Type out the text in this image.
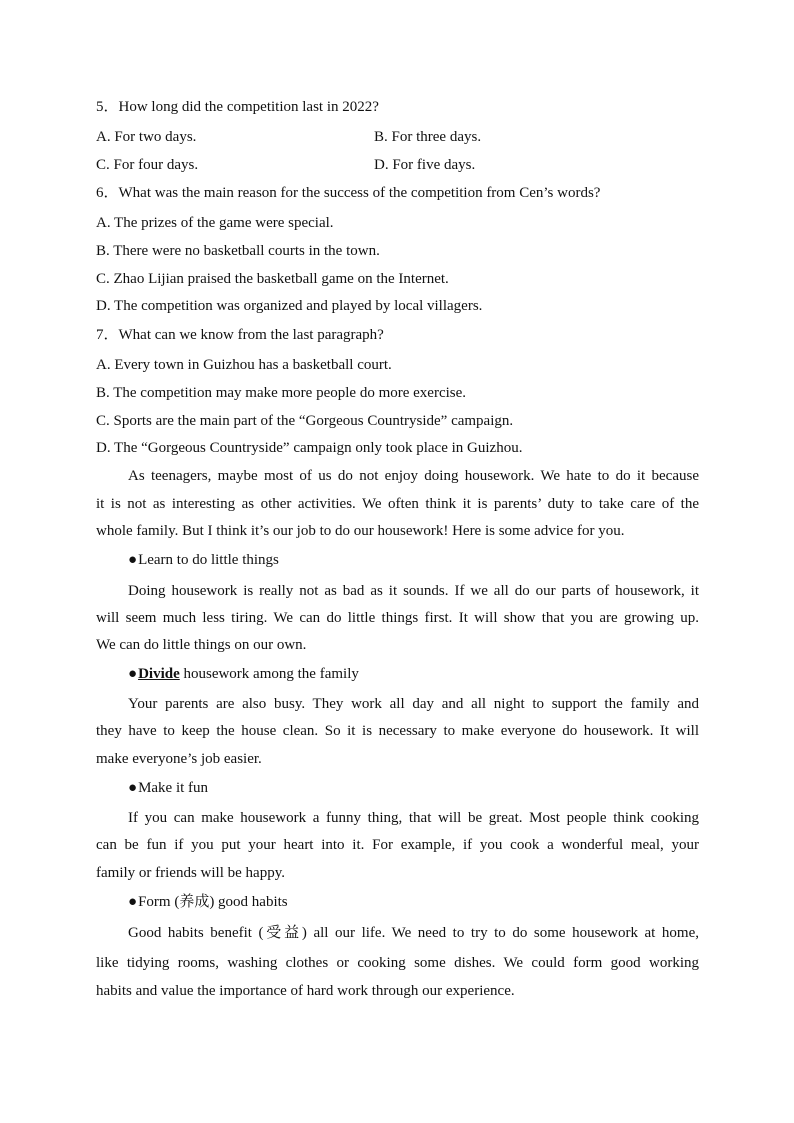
5．How long did the competition last in 2022?
A. For two days.	B. For three days.
C. For four days.	D. For five days.
6．What was the main reason for the success of the competition from Cen’s words?
A. The prizes of the game were special.
B. There were no basketball courts in the town.
C. Zhao Lijian praised the basketball game on the Internet.
D. The competition was organized and played by local villagers.
7．What can we know from the last paragraph?
A. Every town in Guizhou has a basketball court.
B. The competition may make more people do more exercise.
C. Sports are the main part of the “Gorgeous Countryside” campaign.
D. The “Gorgeous Countryside” campaign only took place in Guizhou.
As teenagers, maybe most of us do not enjoy doing housework. We hate to do it because
it is not as interesting as other activities. We often think it is parents’ duty to take care of the
whole family. But I think it’s our job to do our housework! Here is some advice for you.
●Learn to do little things
Doing housework is really not as bad as it sounds. If we all do our parts of housework, it
will seem much less tiring. We can do little things first. It will show that you are growing up.
We can do little things on our own.
●Divide housework among the family
Your parents are also busy. They work all day and all night to support the family and
they have to keep the house clean. So it is necessary to make everyone do housework. It will
make everyone’s job easier.
●Make it fun
If you can make housework a funny thing, that will be great. Most people think cooking
can be fun if you put your heart into it. For example, if you cook a wonderful meal, your
family or friends will be happy.
●Form (养成) good habits
Good habits benefit (受益) all our life. We need to try to do some housework at home,
like tidying rooms, washing clothes or cooking some dishes. We could form good working
habits and value the importance of hard work through our experience.
